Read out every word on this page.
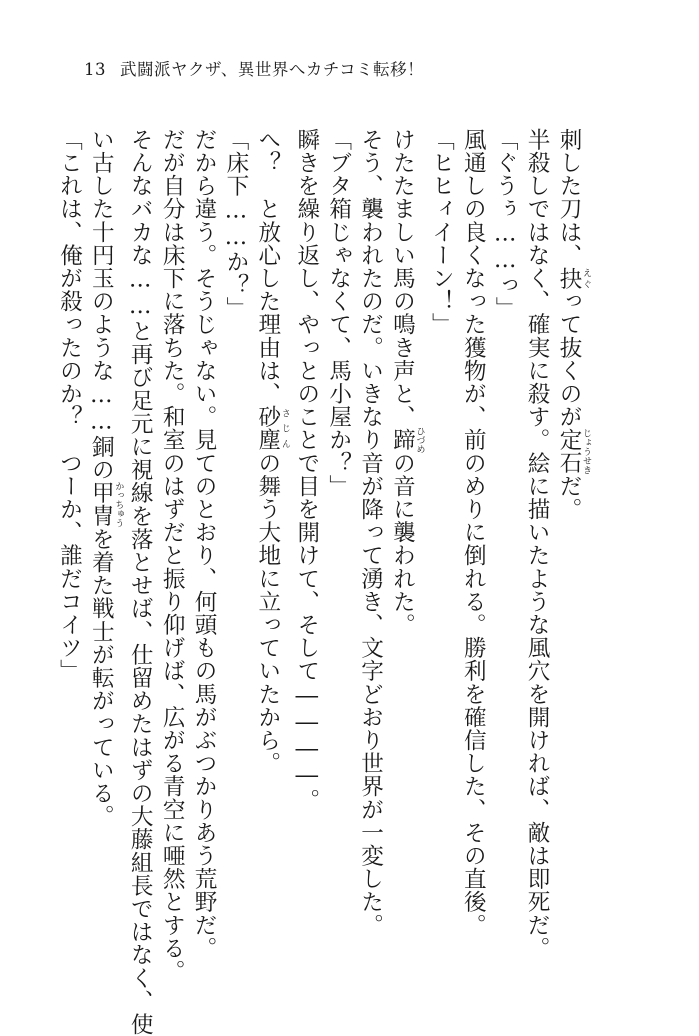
13 武闘派ヤクザ、異世界へカチコミ転移！
刺した刀は、抉 えぐって抜くのが定石 じょうせきだ。
半殺しではなく、確実に殺す。絵に描いたような風穴を開ければ、敵は即死だ。
「ぐうぅ……っ」
風通しの良くなった獲物が、前のめりに倒れる。勝利を確信した、その直後。
「ヒヒィイーン！」
けたたましい馬の鳴き声と、蹄 ひづめの音に襲われた。
そう、襲われたのだ。いきなり音が降って湧き、文字どおり世界が一変した。
「ブタ箱じゃなくて、馬小屋か？」
瞬きを繰り返し、やっとのことで目を開けて、そして――――。
へ？　と放心した理由は、砂塵 さじんの舞う大地に立っていたから。
「床下……か？」
だから違う。そうじゃない。見てのとおり、何頭もの馬がぶつかりあう荒野だ。
だが自分は床下に落ちた。和室のはずだと振り仰げば、広がる青空に唖然とする。
そんなバカな……と再び足元に視線を落とせば、仕留めたはずの大藤組長ではなく、使
い古した十円玉のような……銅の甲冑 かっちゅうを着た戦士が転がっている。
「これは、俺が殺ったのか？　つーか、誰だコイツ」
